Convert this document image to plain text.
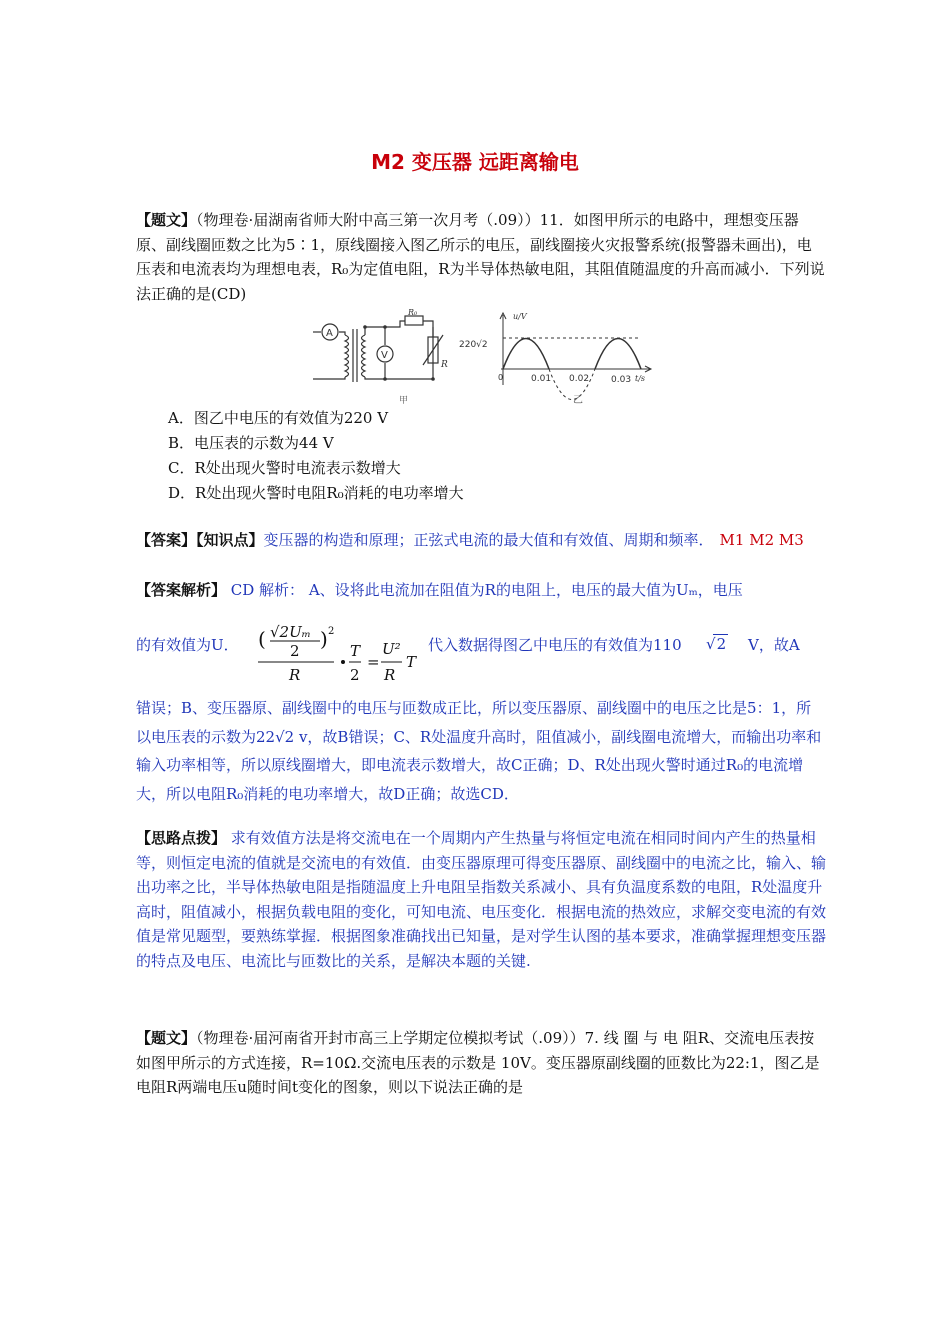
M2 变压器 远距离输电

【题文】（物理卷·届湖南省师大附中高三第一次月考（.09））11．如图甲所示的电路中，理想变压器原、副线圈匝数之比为5∶1，原线圈接入图乙所示的电压，副线圈接火灾报警系统(报警器未画出)，电压表和电流表均为理想电表，R₀为定值电阻，R为半导体热敏电阻，其阻值随温度的升高而减小．下列说法正确的是(CD)

A
V
R₀
R
甲
u/V
220√2
0	0.01 0.02 0.03 t/s
乙
A．图乙中电压的有效值为220 V
B．电压表的示数为44 V
C．R处出现火警时电流表示数增大
D．R处出现火警时电阻R₀消耗的电功率增大

【答案】【知识点】变压器的构造和原理；正弦式电流的最大值和有效值、周期和频率． M1 M2 M3

【答案解析】 CD 解析： A、设将此电流加在阻值为R的电阻上，电压的最大值为Uₘ，电压

的有效值为U． ( √2Uₘ
2 ) 2
R
T
2
=
U²
R
T
代入数据得图乙中电压的有效值为110
√ 2 V，故A

错误；B、变压器原、副线圈中的电压与匝数成正比，所以变压器原、副线圈中的电压之比是5：1，所以电压表的示数为22√2 v，故B错误；C、R处温度升高时，阻值减小，副线圈电流增大，而输出功率和输入功率相等，所以原线圈增大，即电流表示数增大，故C正确；D、R处出现火警时通过R₀的电流增大，所以电阻R₀消耗的电功率增大，故D正确；故选CD．

【思路点拨】 求有效值方法是将交流电在一个周期内产生热量与将恒定电流在相同时间内产生的热量相等，则恒定电流的值就是交流电的有效值．由变压器原理可得变压器原、副线圈中的电流之比，输入、输出功率之比，半导体热敏电阻是指随温度上升电阻呈指数关系减小、具有负温度系数的电阻，R处温度升高时，阻值减小，根据负载电阻的变化，可知电流、电压变化．根据电流的热效应，求解交变电流的有效值是常见题型，要熟练掌握．根据图象准确找出已知量，是对学生认图的基本要求，准确掌握理想变压器的特点及电压、电流比与匝数比的关系，是解决本题的关键.

【题文】（物理卷·届河南省开封市高三上学期定位模拟考试（.09））7. 线 圈 与 电 阻R、交流电压表按如图甲所示的方式连接，R=10Ω.交流电压表的示数是 10V。变压器原副线圈的匝数比为22:1，图乙是电阻R两端电压u随时间t变化的图象，则以下说法正确的是
